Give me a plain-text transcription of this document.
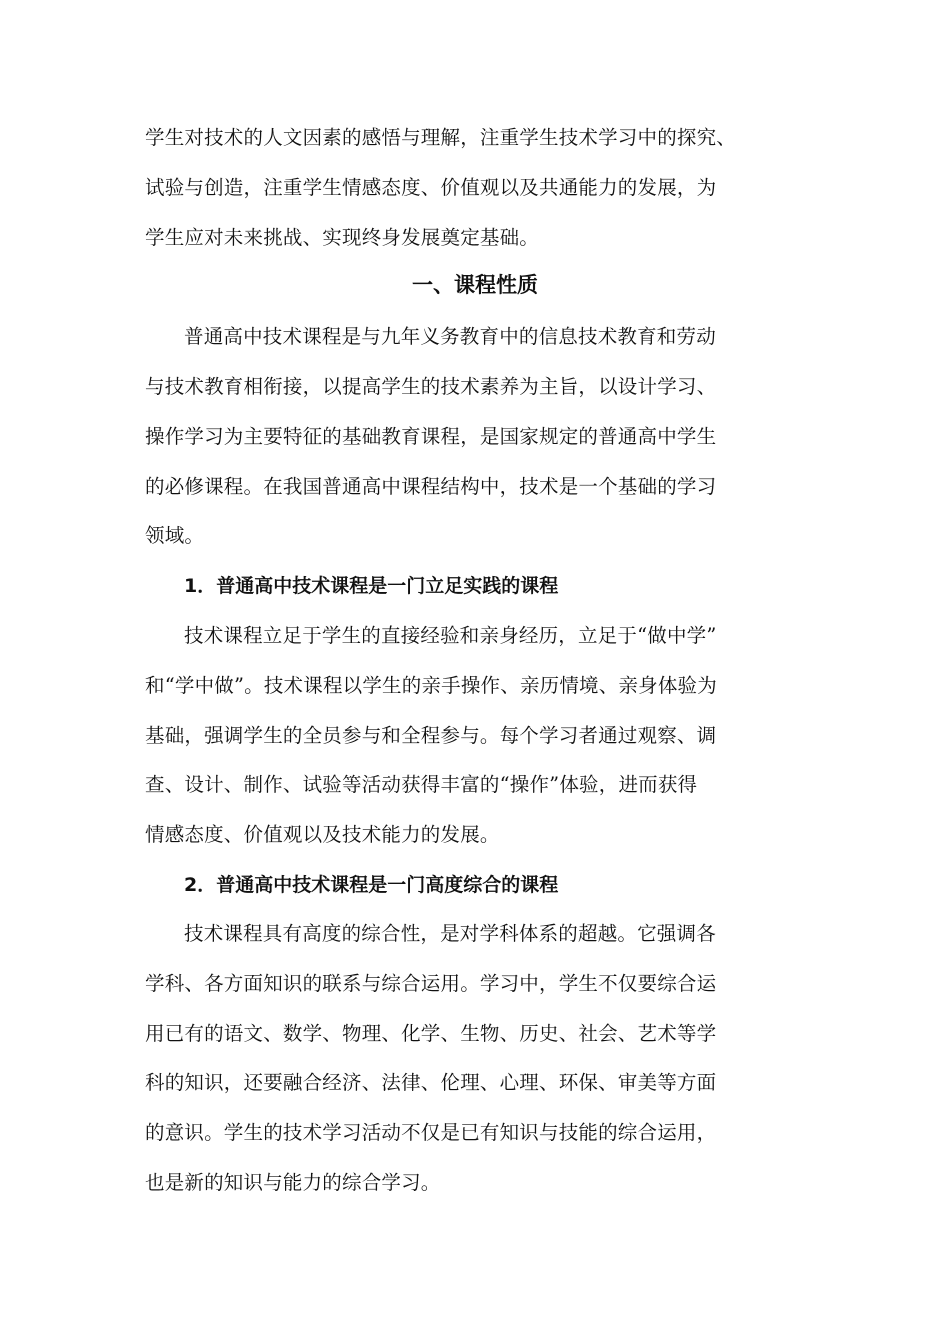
学生对技术的人文因素的感悟与理解，注重学生技术学习中的探究、
试验与创造，注重学生情感态度、价值观以及共通能力的发展，为
学生应对未来挑战、实现终身发展奠定基础。
一、课程性质
普通高中技术课程是与九年义务教育中的信息技术教育和劳动
与技术教育相衔接，以提高学生的技术素养为主旨，以设计学习、
操作学习为主要特征的基础教育课程，是国家规定的普通高中学生
的必修课程。在我国普通高中课程结构中，技术是一个基础的学习
领域。
1．普通高中技术课程是一门立足实践的课程
技术课程立足于学生的直接经验和亲身经历，立足于“做中学”
和“学中做”。技术课程以学生的亲手操作、亲历情境、亲身体验为
基础，强调学生的全员参与和全程参与。每个学习者通过观察、调
查、设计、制作、试验等活动获得丰富的“操作”体验，进而获得
情感态度、价值观以及技术能力的发展。
2．普通高中技术课程是一门高度综合的课程
技术课程具有高度的综合性，是对学科体系的超越。它强调各
学科、各方面知识的联系与综合运用。学习中，学生不仅要综合运
用已有的语文、数学、物理、化学、生物、历史、社会、艺术等学
科的知识，还要融合经济、法律、伦理、心理、环保、审美等方面
的意识。学生的技术学习活动不仅是已有知识与技能的综合运用，
也是新的知识与能力的综合学习。
